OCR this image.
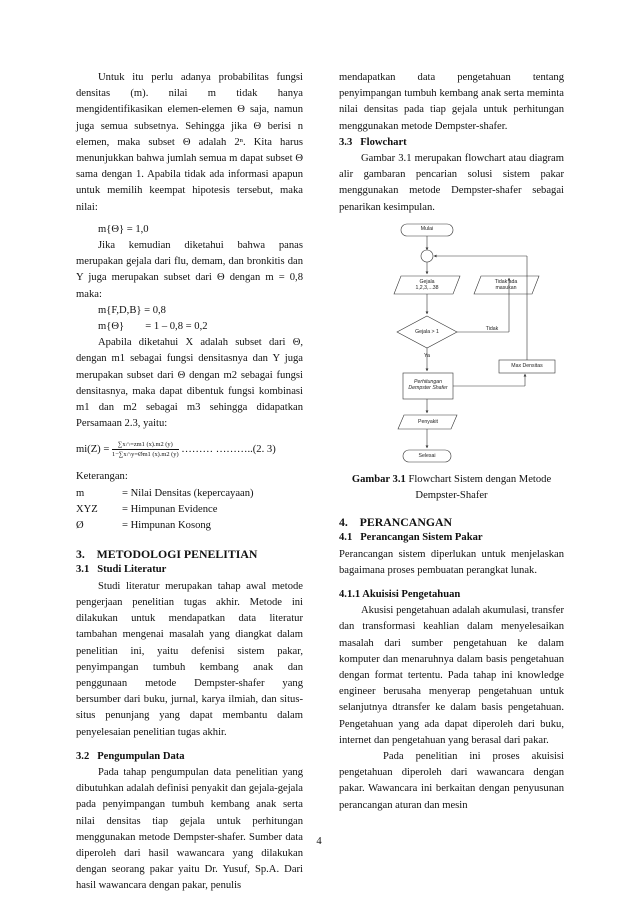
Untuk itu perlu adanya probabilitas fungsi densitas (m). nilai m tidak hanya mengidentifikasikan elemen-elemen Θ saja, namun juga semua subsetnya. Sehingga jika Θ berisi n elemen, maka subset Θ adalah 2ⁿ. Kita harus menunjukkan bahwa jumlah semua m dapat subset Θ sama dengan 1. Apabila tidak ada informasi apapun untuk memilih keempat hipotesis tersebut, maka nilai:

m{Θ} = 1,0

Jika kemudian diketahui bahwa panas merupakan gejala dari flu, demam, dan bronkitis dan Y juga merupakan subset dari Θ dengan m = 0,8 maka:

m{F,D,B} = 0,8

m{Θ}        = 1 – 0,8 = 0,2

Apabila diketahui X adalah subset dari Θ, dengan m1 sebagai fungsi densitasnya dan Y juga merupakan subset dari Θ dengan m2 sebagai fungsi densitasnya, maka dapat dibentuk fungsi kombinasi m1 dan m2 sebagai m3 sehingga didapatkan Persamaan 2.3, yaitu:

$mi(Z) = \frac{\sum x\cap=zm1 (x).m2 (y)}{1-\sum x\cap y=Øm1 (x).m2 (y)}$ ……… ………..(2. 3)

Keterangan:

m	= Nilai Densitas (kepercayaan)
XYZ	= Himpunan Evidence
Ø	= Himpunan Kosong

3.    METODOLOGI PENELITIAN

3.1   Studi Literatur

Studi literatur merupakan tahap awal metode pengerjaan penelitian tugas akhir. Metode ini dilakukan untuk mendapatkan data literatur tambahan mengenai masalah yang diangkat dalam penelitian ini, yaitu defenisi sistem pakar, penyimpangan tumbuh kembang anak dan penggunaan metode Dempster-shafer yang bersumber dari buku, jurnal, karya ilmiah, dan situs-situs penunjang yang dapat membantu dalam penyelesaian penelitian tugas akhir.

3.2   Pengumpulan Data

Pada tahap pengumpulan data penelitian yang dibutuhkan adalah definisi penyakit dan gejala-gejala pada penyimpangan tumbuh kembang anak serta nilai densitas tiap gejala untuk perhitungan menggunakan metode Dempster-shafer. Sumber data diperoleh dari hasil wawancara yang dilakukan dengan seorang pakar yaitu Dr. Yusuf, Sp.A. Dari hasil wawancara dengan pakar, penulis

mendapatkan data pengetahuan tentang penyimpangan tumbuh kembang anak serta meminta nilai densitas pada tiap gejala untuk perhitungan menggunakan metode Dempster-shafer.

3.3   Flowchart

Gambar 3.1 merupakan flowchart atau diagram alir gambaran pencarian solusi sistem pakar menggunakan metode Dempster-shafer sebagai penarikan kesimpulan.

Mulai
Gejala
1,2,3,...38
Tidak ada
masukan
Gejala > 1	Tidak
Ya
Max Densitas
Perhitungan
Dempster Shafer
Penyakit
Selesai

Gambar 3.1 Flowchart Sistem dengan Metode Dempster-Shafer

4.    PERANCANGAN

4.1   Perancangan Sistem Pakar

Perancangan sistem diperlukan untuk menjelaskan bagaimana proses pembuatan perangkat lunak.

4.1.1 Akuisisi Pengetahuan

Akusisi pengetahuan adalah akumulasi, transfer dan transformasi keahlian dalam menyelesaikan masalah dari sumber pengetahuan ke dalam komputer dan menaruhnya dalam basis pengetahuan dengan format tertentu. Pada tahap ini knowledge engineer berusaha menyerap pengetahuan untuk selanjutnya dtransfer ke dalam basis pengetahuan. Pengetahuan yang ada dapat diperoleh dari buku, internet dan pengetahuan yang berasal dari pakar.

Pada penelitian ini proses akuisisi pengetahuan diperoleh dari wawancara dengan pakar. Wawancara ini berkaitan dengan penyusunan perancangan aturan dan mesin

4
